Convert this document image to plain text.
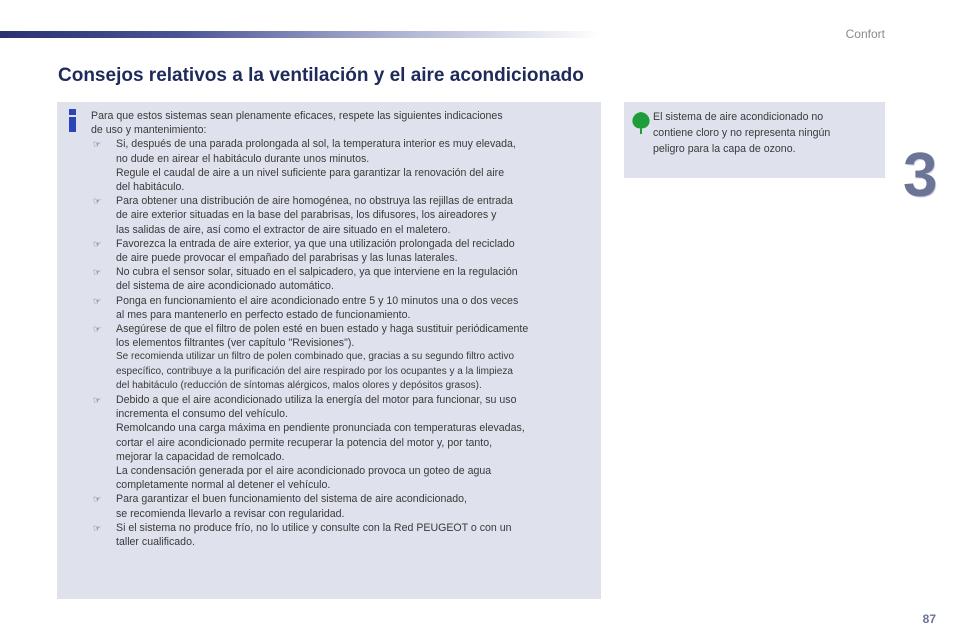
Confort
3
Consejos relativos a la ventilación y el aire acondicionado
Para que estos sistemas sean plenamente eficaces, respete las siguientes indicaciones
de uso y mantenimiento:
☞ Si, después de una parada prolongada al sol, la temperatura interior es muy elevada,
no dude en airear el habitáculo durante unos minutos.
Regule el caudal de aire a un nivel suficiente para garantizar la renovación del aire
del habitáculo.
☞ Para obtener una distribución de aire homogénea, no obstruya las rejillas de entrada
de aire exterior situadas en la base del parabrisas, los difusores, los aireadores y
las salidas de aire, así como el extractor de aire situado en el maletero.
☞ Favorezca la entrada de aire exterior, ya que una utilización prolongada del reciclado
de aire puede provocar el empañado del parabrisas y las lunas laterales.
☞ No cubra el sensor solar, situado en el salpicadero, ya que interviene en la regulación
del sistema de aire acondicionado automático.
☞ Ponga en funcionamiento el aire acondicionado entre 5 y 10 minutos una o dos veces
al mes para mantenerlo en perfecto estado de funcionamiento.
☞ Asegúrese de que el filtro de polen esté en buen estado y haga sustituir periódicamente
los elementos filtrantes (ver capítulo "Revisiones").
Se recomienda utilizar un filtro de polen combinado que, gracias a su segundo filtro activo
específico, contribuye a la purificación del aire respirado por los ocupantes y a la limpieza
del habitáculo (reducción de síntomas alérgicos, malos olores y depósitos grasos).
☞ Debido a que el aire acondicionado utiliza la energía del motor para funcionar, su uso
incrementa el consumo del vehículo.
Remolcando una carga máxima en pendiente pronunciada con temperaturas elevadas,
cortar el aire acondicionado permite recuperar la potencia del motor y, por tanto,
mejorar la capacidad de remolcado.
La condensación generada por el aire acondicionado provoca un goteo de agua
completamente normal al detener el vehículo.
☞ Para garantizar el buen funcionamiento del sistema de aire acondicionado,
se recomienda llevarlo a revisar con regularidad.
☞ Si el sistema no produce frío, no lo utilice y consulte con la Red PEUGEOT o con un
taller cualificado.
El sistema de aire acondicionado no
contiene cloro y no representa ningún
peligro para la capa de ozono.
87
